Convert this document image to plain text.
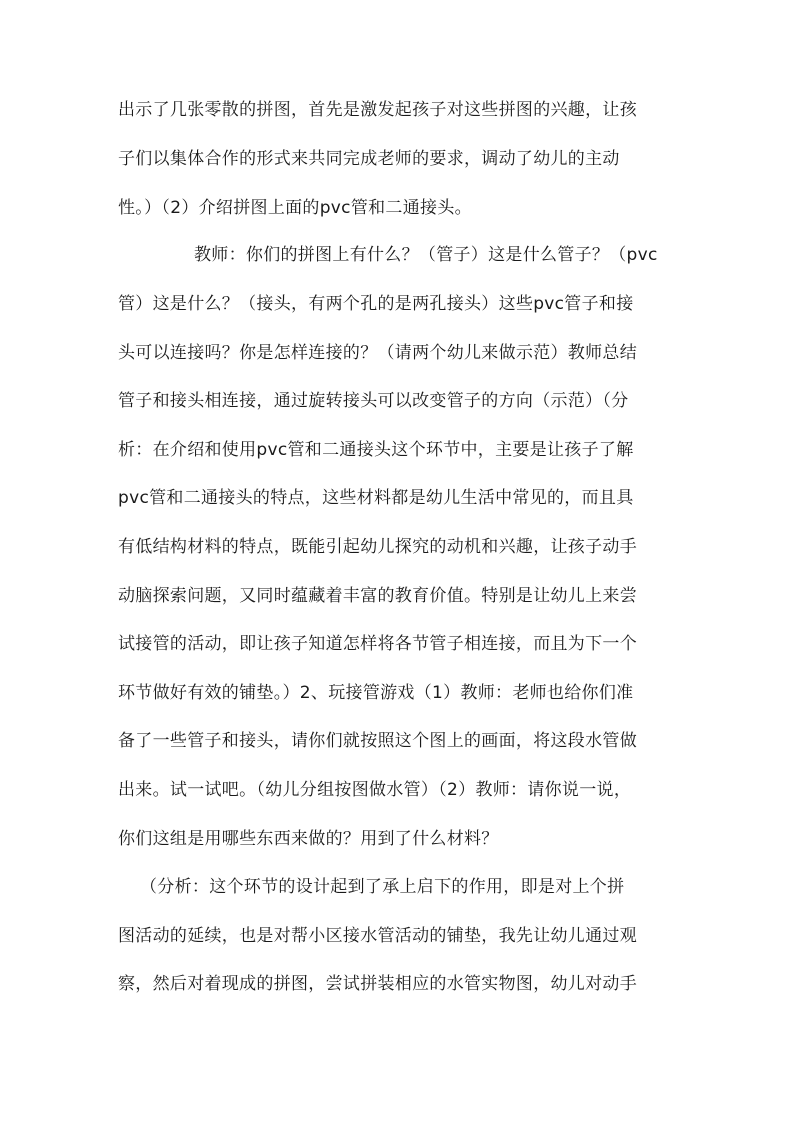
出示了几张零散的拼图，首先是激发起孩子对这些拼图的兴趣，让孩
子们以集体合作的形式来共同完成老师的要求，调动了幼儿的主动
性。）（2）介绍拼图上面的pvc管和二通接头。
教师：你们的拼图上有什么？（管子）这是什么管子？（pvc
管）这是什么？（接头，有两个孔的是两孔接头）这些pvc管子和接
头可以连接吗？你是怎样连接的？（请两个幼儿来做示范）教师总结
管子和接头相连接，通过旋转接头可以改变管子的方向（示范）（分
析：在介绍和使用pvc管和二通接头这个环节中，主要是让孩子了解
pvc管和二通接头的特点，这些材料都是幼儿生活中常见的，而且具
有低结构材料的特点，既能引起幼儿探究的动机和兴趣，让孩子动手
动脑探索问题，又同时蕴藏着丰富的教育价值。特别是让幼儿上来尝
试接管的活动，即让孩子知道怎样将各节管子相连接，而且为下一个
环节做好有效的铺垫。）2、玩接管游戏（1）教师：老师也给你们准
备了一些管子和接头，请你们就按照这个图上的画面，将这段水管做
出来。试一试吧。（幼儿分组按图做水管）（2）教师：请你说一说，
你们这组是用哪些东西来做的？用到了什么材料？
（分析：这个环节的设计起到了承上启下的作用，即是对上个拼
图活动的延续，也是对帮小区接水管活动的铺垫，我先让幼儿通过观
察，然后对着现成的拼图，尝试拼装相应的水管实物图，幼儿对动手
